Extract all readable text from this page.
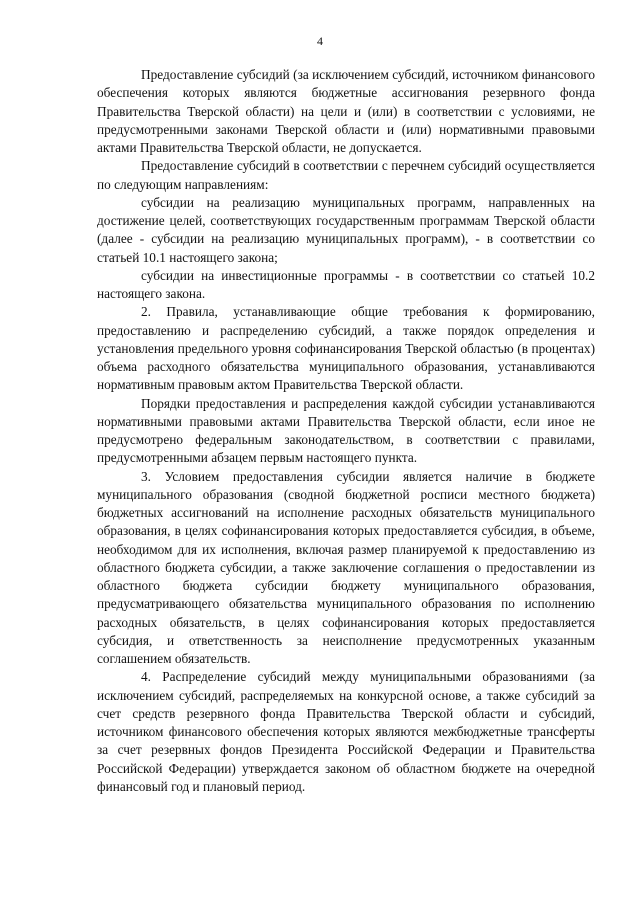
4

Предоставление субсидий (за исключением субсидий, источником финансового обеспечения которых являются бюджетные ассигнования резервного фонда Правительства Тверской области) на цели и (или) в соответствии с условиями, не предусмотренными законами Тверской области и (или) нормативными правовыми актами Правительства Тверской области, не допускается.

Предоставление субсидий в соответствии с перечнем субсидий осуществляется по следующим направлениям:

субсидии на реализацию муниципальных программ, направленных на достижение целей, соответствующих государственным программам Тверской области (далее - субсидии на реализацию муниципальных программ), - в соответствии со статьей 10.1 настоящего закона;

субсидии на инвестиционные программы - в соответствии со статьей 10.2 настоящего закона.

2. Правила, устанавливающие общие требования к формированию, предоставлению и распределению субсидий, а также порядок определения и установления предельного уровня софинансирования Тверской областью (в процентах) объема расходного обязательства муниципального образования, устанавливаются нормативным правовым актом Правительства Тверской области.

Порядки предоставления и распределения каждой субсидии устанавливаются нормативными правовыми актами Правительства Тверской области, если иное не предусмотрено федеральным законодательством, в соответствии с правилами, предусмотренными абзацем первым настоящего пункта.

3. Условием предоставления субсидии является наличие в бюджете муниципального образования (сводной бюджетной росписи местного бюджета) бюджетных ассигнований на исполнение расходных обязательств муниципального образования, в целях софинансирования которых предоставляется субсидия, в объеме, необходимом для их исполнения, включая размер планируемой к предоставлению из областного бюджета субсидии, а также заключение соглашения о предоставлении из областного бюджета субсидии бюджету муниципального образования, предусматривающего обязательства муниципального образования по исполнению расходных обязательств, в целях софинансирования которых предоставляется субсидия, и ответственность за неисполнение предусмотренных указанным соглашением обязательств.

4. Распределение субсидий между муниципальными образованиями (за исключением субсидий, распределяемых на конкурсной основе, а также субсидий за счет средств резервного фонда Правительства Тверской области и субсидий, источником финансового обеспечения которых являются межбюджетные трансферты за счет резервных фондов Президента Российской Федерации и Правительства Российской Федерации) утверждается законом об областном бюджете на очередной финансовый год и плановый период.
